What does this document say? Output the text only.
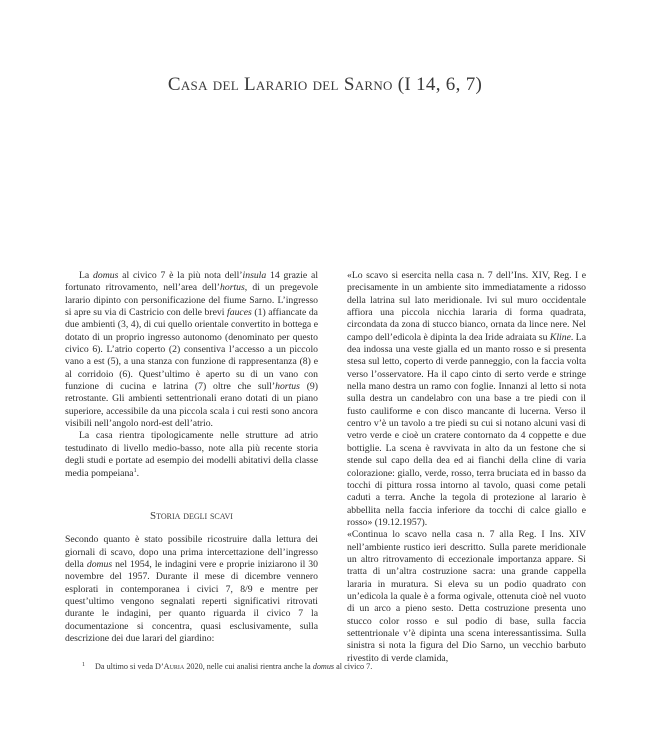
Casa del Larario del Sarno (I 14, 6, 7)

La domus al civico 7 è la più nota dell’insula 14 grazie al fortunato ritrovamento, nell’area dell’hortus, di un pregevole larario dipinto con personificazione del fiume Sarno. L’ingresso si apre su via di Castricio con delle brevi fauces (1) affiancate da due ambienti (3, 4), di cui quello orientale convertito in bottega e dotato di un proprio ingresso autonomo (denominato per questo civico 6). L’atrio coperto (2) consentiva l’accesso a un piccolo vano a est (5), a una stanza con funzione di rappresentanza (8) e al corridoio (6). Quest’ultimo è aperto su di un vano con funzione di cucina e latrina (7) oltre che sull’hortus (9) retrostante. Gli ambienti settentrionali erano dotati di un piano superiore, accessibile da una piccola scala i cui resti sono ancora visibili nell’angolo nord-est dell’atrio.

La casa rientra tipologicamente nelle strutture ad atrio testudinato di livello medio-basso, note alla più recente storia degli studi e portate ad esempio dei modelli abitativi della classe media pompeiana$^1$.

Storia degli scavi

Secondo quanto è stato possibile ricostruire dalla lettura dei giornali di scavo, dopo una prima intercettazione dell’ingresso della domus nel 1954, le indagini vere e proprie iniziarono il 30 novembre del 1957. Durante il mese di dicembre vennero esplorati in contemporanea i civici 7, 8/9 e mentre per quest’ultimo vengono segnalati reperti significativi ritrovati durante le indagini, per quanto riguarda il civico 7 la documentazione si concentra, quasi esclusivamente, sulla descrizione dei due larari del giardino:

«Lo scavo si esercita nella casa n. 7 dell’Ins. XIV, Reg. I e precisamente in un ambiente sito immediatamente a ridosso della latrina sul lato meridionale. Ivi sul muro occidentale affiora una piccola nicchia lararia di forma quadrata, circondata da zona di stucco bianco, ornata da lince nere. Nel campo dell’edicola è dipinta la dea Iride adraiata su Kline. La dea indossa una veste gialla ed un manto rosso e si presenta stesa sul letto, coperto di verde panneggio, con la faccia volta verso l’osservatore. Ha il capo cinto di serto verde e stringe nella mano destra un ramo con foglie. Innanzi al letto si nota sulla destra un candelabro con una base a tre piedi con il fusto cauliforme e con disco mancante di lucerna. Verso il centro v’è un tavolo a tre piedi su cui si notano alcuni vasi di vetro verde e cioè un cratere contornato da 4 coppette e due bottiglie. La scena è ravvivata in alto da un festone che si stende sul capo della dea ed ai fianchi della cline di varia colorazione: giallo, verde, rosso, terra bruciata ed in basso da tocchi di pittura rossa intorno al tavolo, quasi come petali caduti a terra. Anche la tegola di protezione al larario è abbellita nella faccia inferiore da tocchi di calce giallo e rosso» (19.12.1957).

«Continua lo scavo nella casa n. 7 alla Reg. I Ins. XIV nell’ambiente rustico ieri descritto. Sulla parete meridionale un altro ritrovamento di eccezionale importanza appare. Si tratta di un’altra costruzione sacra: una grande cappella lararia in muratura. Si eleva su un podio quadrato con un’edicola la quale è a forma ogivale, ottenuta cioè nel vuoto di un arco a pieno sesto. Detta costruzione presenta uno stucco color rosso e sul podio di base, sulla faccia settentrionale v’è dipinta una scena interessantissima. Sulla sinistra si nota la figura del Dio Sarno, un vecchio barbuto rivestito di verde clamida,

1 Da ultimo si veda D’Auria 2020, nelle cui analisi rientra anche la domus al civico 7.
